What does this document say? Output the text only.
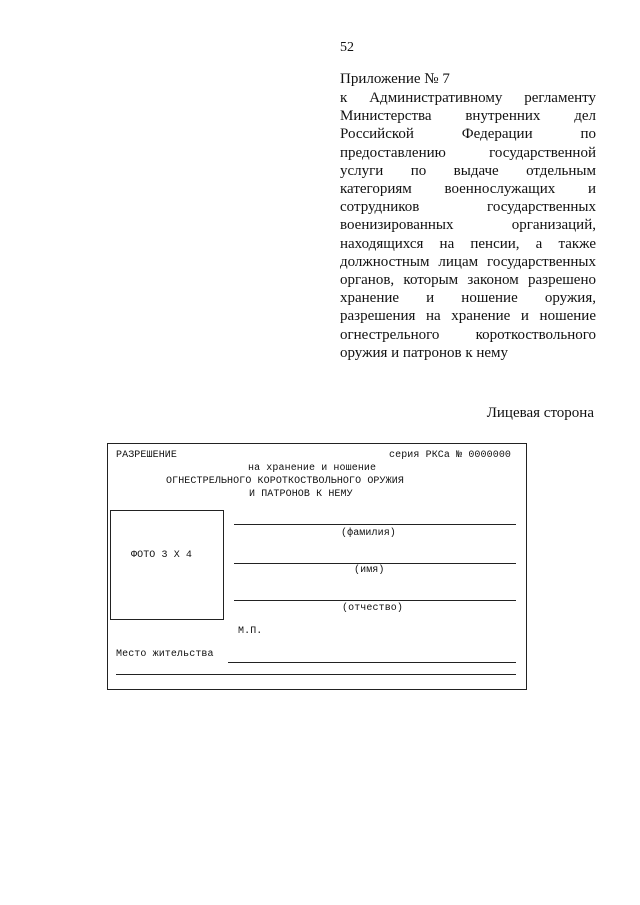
52
Приложение № 7
к Административному регламенту
Министерства внутренних дел
Российской Федерации по
предоставлению государственной
услуги по выдаче отдельным
категориям военнослужащих и
сотрудников государственных
военизированных организаций,
находящихся на пенсии, а также
должностным лицам государственных
органов, которым законом разрешено
хранение и ношение оружия,
разрешения на хранение и ношение
огнестрельного короткоствольного
оружия и патронов к нему
Лицевая сторона
РАЗРЕШЕНИЕ	серия РКСа № 0000000
на хранение и ношение
ОГНЕСТРЕЛЬНОГО КОРОТКОСТВОЛЬНОГО ОРУЖИЯ
И ПАТРОНОВ К НЕМУ
ФОТО 3 Х 4
(фамилия)
(имя)
(отчество)
М.П.
Место жительства
